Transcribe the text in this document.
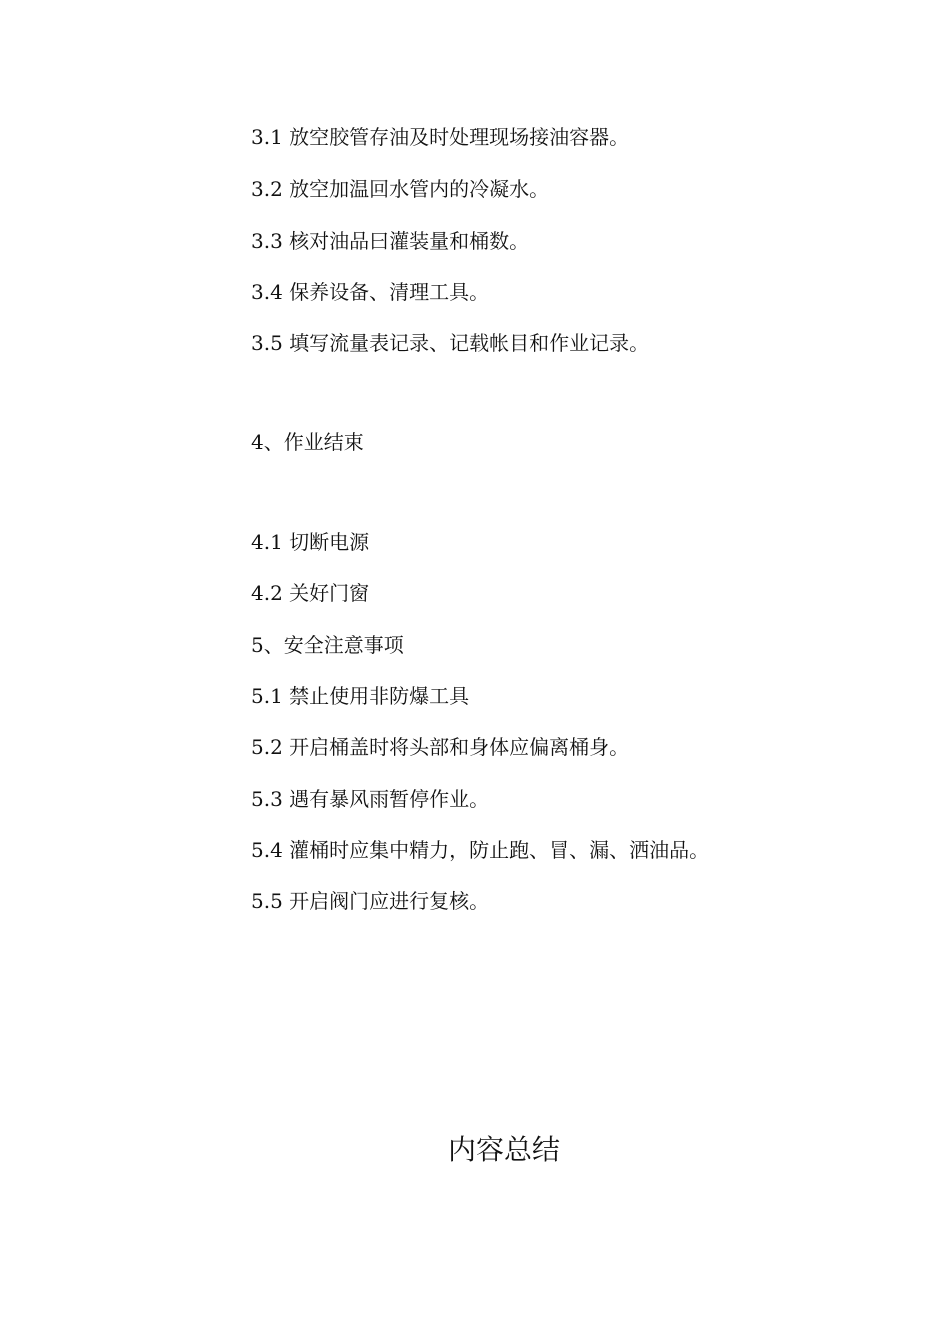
3.1 放空胶管存油及时处理现场接油容器。
3.2 放空加温回水管内的冷凝水。
3.3 核对油品曰灌装量和桶数。
3.4 保养设备、清理工具。
3.5 填写流量表记录、记载帐目和作业记录。
4、作业结束
4.1 切断电源
4.2 关好门窗
5、安全注意事项
5.1 禁止使用非防爆工具
5.2 开启桶盖时将头部和身体应偏离桶身。
5.3 遇有暴风雨暂停作业。
5.4 灌桶时应集中精力，防止跑、冒、漏、洒油品。
5.5 开启阀门应进行复核。
内容总结
